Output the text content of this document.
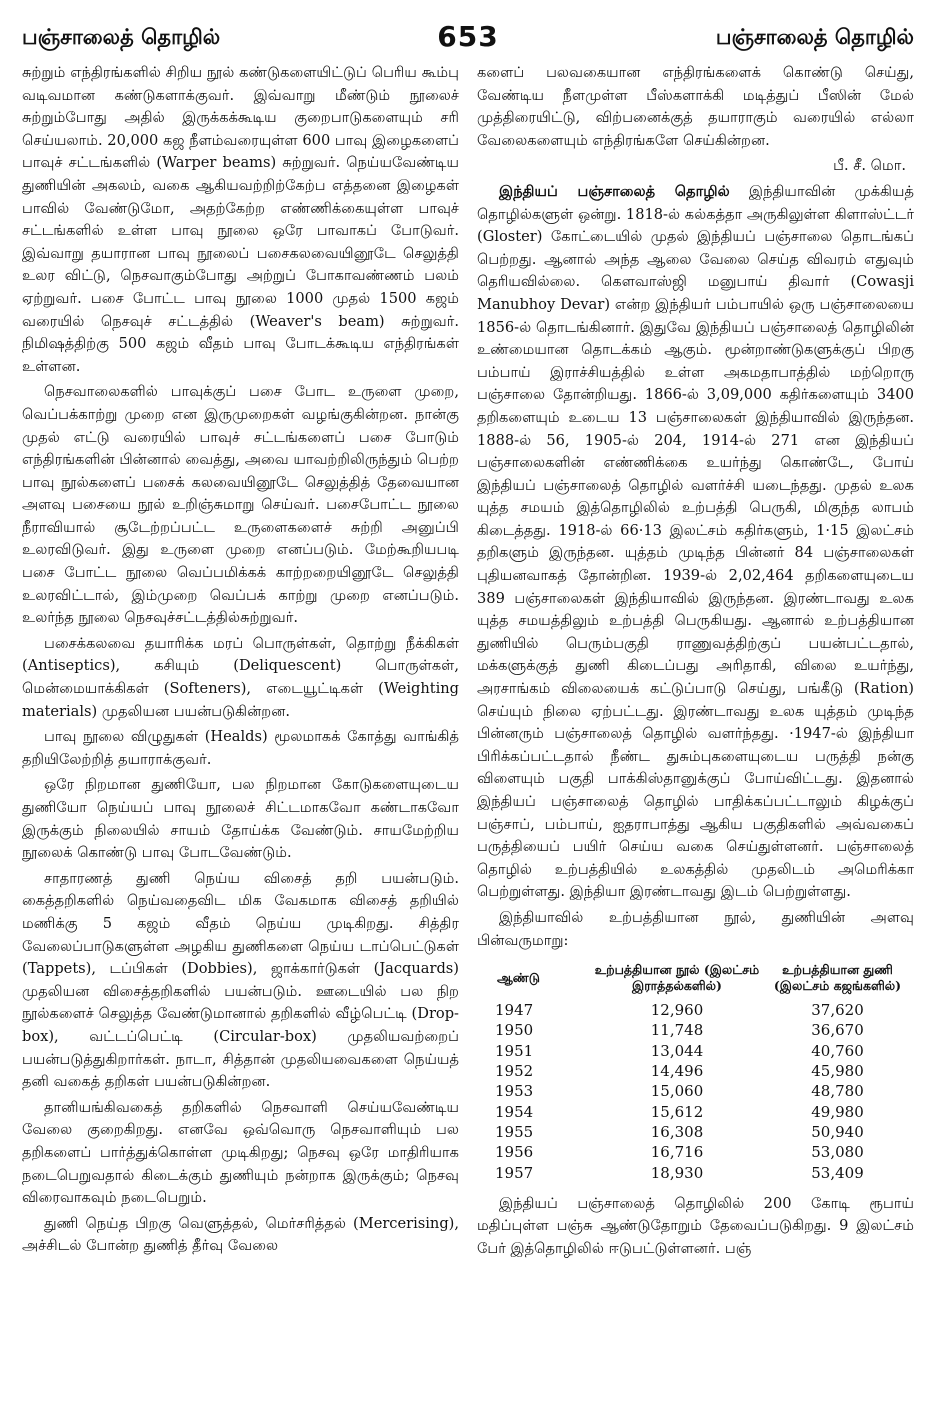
பஞ்சாலைத் தொழில்	653	பஞ்சாலைத் தொழில்

சுற்றும் எந்திரங்களில் சிறிய நூல் கண்டுகளையிட்டுப் பெரிய கூம்பு வடிவமான கண்டுகளாக்குவர். இவ்வாறு மீண்டும் நூலைச் சுற்றும்போது அதில் இருக்கக்கூடிய குறைபாடுகளையும் சரி செய்யலாம். 20,000 கஜ நீளம்வரையுள்ள 600 பாவு இழைகளைப் பாவுச் சட்டங்களில் (Warper beams) சுற்றுவர். நெய்யவேண்டிய துணியின் அகலம், வகை ஆகியவற்றிற்கேற்ப எத்தனை இழைகள் பாவில் வேண்டுமோ, அதற்கேற்ற எண்ணிக்கையுள்ள பாவுச் சட்டங்களில் உள்ள பாவு நூலை ஒரே பாவாகப் போடுவர். இவ்வாறு தயாரான பாவு நூலைப் பசைகலவையினூடே செலுத்தி உலர விட்டு, நெசவாகும்போது அற்றுப் போகாவண்ணம் பலம் ஏற்றுவர். பசை போட்ட பாவு நூலை 1000 முதல் 1500 கஜம் வரையில் நெசவுச் சட்டத்தில் (Weaver's beam) சுற்றுவர். நிமிஷத்திற்கு 500 கஜம் வீதம் பாவு போடக்கூடிய எந்திரங்கள் உள்ளன.

நெசவாலைகளில் பாவுக்குப் பசை போட உருளை முறை, வெப்பக்காற்று முறை என இருமுறைகள் வழங்குகின்றன. நான்கு முதல் எட்டு வரையில் பாவுச் சட்டங்களைப் பசை போடும் எந்திரங்களின் பின்னால் வைத்து, அவை யாவற்றிலிருந்தும் பெற்ற பாவு நூல்களைப் பசைக் கலவையினூடே செலுத்தித் தேவையான அளவு பசையை நூல் உறிஞ்சுமாறு செய்வர். பசைபோட்ட நூலை நீராவியால் சூடேற்றப்பட்ட உருளைகளைச் சுற்றி அனுப்பி உலரவிடுவர். இது உருளை முறை எனப்படும். மேற்கூறியபடி பசை போட்ட நூலை வெப்பமிக்கக் காற்றறையினூடே செலுத்தி உலரவிட்டால், இம்முறை வெப்பக் காற்று முறை எனப்படும். உலர்ந்த நூலை நெசவுச்சட்டத்தில்சுற்றுவர்.

பசைக்கலவை தயாரிக்க மரப் பொருள்கள், தொற்று நீக்கிகள் (Antiseptics), கசியும் (Deliquescent) பொருள்கள், மென்மையாக்கிகள் (Softeners), எடையூட்டிகள் (Weighting materials) முதலியன பயன்படுகின்றன.

பாவு நூலை விழுதுகள் (Healds) மூலமாகக் கோத்து வாங்கித் தறியிலேற்றித் தயாராக்குவர்.

ஒரே நிறமான துணியோ, பல நிறமான கோடுகளையுடைய துணியோ நெய்யப் பாவு நூலைச் சிட்டமாகவோ கண்டாகவோ இருக்கும் நிலையில் சாயம் தோய்க்க வேண்டும். சாயமேற்றிய நூலைக் கொண்டு பாவு போடவேண்டும்.

சாதாரணத் துணி நெய்ய விசைத் தறி பயன்படும். கைத்தறிகளில் நெய்வதைவிட மிக வேகமாக விசைத் தறியில் மணிக்கு 5 கஜம் வீதம் நெய்ய முடிகிறது. சித்திர வேலைப்பாடுகளுள்ள அழகிய துணிகளை நெய்ய டாப்பெட்டுகள் (Tappets), டப்பிகள் (Dobbies), ஜாக்கார்டுகள் (Jacquards) முதலியன விசைத்தறிகளில் பயன்படும். ஊடையில் பல நிற நூல்களைச் செலுத்த வேண்டுமானால் தறிகளில் வீழ்பெட்டி (Drop-box), வட்டப்பெட்டி (Circular-box) முதலியவற்றைப் பயன்படுத்துகிறார்கள். நாடா, சித்தான் முதலியவைகளை நெய்யத் தனி வகைத் தறிகள் பயன்படுகின்றன.

தானியங்கிவகைத் தறிகளில் நெசவாளி செய்யவேண்டிய வேலை குறைகிறது. எனவே ஒவ்வொரு நெசவாளியும் பல தறிகளைப் பார்த்துக்கொள்ள முடிகிறது; நெசவு ஒரே மாதிரியாக நடைபெறுவதால் கிடைக்கும் துணியும் நன்றாக இருக்கும்; நெசவு விரைவாகவும் நடைபெறும்.

துணி நெய்த பிறகு வெளுத்தல், மெர்சரித்தல் (Mercerising), அச்சிடல் போன்ற துணித் தீர்வு வேலை

களைப் பலவகையான எந்திரங்களைக் கொண்டு செய்து, வேண்டிய நீளமுள்ள பீஸ்களாக்கி மடித்துப் பீஸின் மேல் முத்திரையிட்டு, விற்பனைக்குத் தயாராகும் வரையில் எல்லா வேலைகளையும் எந்திரங்களே செய்கின்றன.

பீ. சீ. மொ.

இந்தியப் பஞ்சாலைத் தொழில் இந்தியாவின் முக்கியத் தொழில்களுள் ஒன்று. 1818-ல் கல்கத்தா அருகிலுள்ள கிளாஸ்ட்டர் (Gloster) கோட்டையில் முதல் இந்தியப் பஞ்சாலை தொடங்கப் பெற்றது. ஆனால் அந்த ஆலை வேலை செய்த விவரம் எதுவும் தெரியவில்லை. கௌவாஸ்ஜி மனுபாய் திவார் (Cowasji Manubhoy Devar) என்ற இந்தியர் பம்பாயில் ஒரு பஞ்சாலையை 1856-ல் தொடங்கினார். இதுவே இந்தியப் பஞ்சாலைத் தொழிலின் உண்மையான தொடக்கம் ஆகும். மூன்றாண்டுகளுக்குப் பிறகு பம்பாய் இராச்சியத்தில் உள்ள அகமதாபாத்தில் மற்றொரு பஞ்சாலை தோன்றியது. 1866-ல் 3,09,000 கதிர்களையும் 3400 தறிகளையும் உடைய 13 பஞ்சாலைகள் இந்தியாவில் இருந்தன. 1888-ல் 56, 1905-ல் 204, 1914-ல் 271 என இந்தியப் பஞ்சாலைகளின் எண்ணிக்கை உயர்ந்து கொண்டே, போய் இந்தியப் பஞ்சாலைத் தொழில் வளர்ச்சி யடைந்தது. முதல் உலக யுத்த சமயம் இத்தொழிலில் உற்பத்தி பெருகி, மிகுந்த லாபம் கிடைத்தது. 1918-ல் 66·13 இலட்சம் கதிர்களும், 1·15 இலட்சம் தறிகளும் இருந்தன. யுத்தம் முடிந்த பின்னர் 84 பஞ்சாலைகள் புதியனவாகத் தோன்றின. 1939-ல் 2,02,464 தறிகளையுடைய 389 பஞ்சாலைகள் இந்தியாவில் இருந்தன. இரண்டாவது உலக யுத்த சமயத்திலும் உற்பத்தி பெருகியது. ஆனால் உற்பத்தியான துணியில் பெரும்பகுதி ராணுவத்திற்குப் பயன்பட்டதால், மக்களுக்குத் துணி கிடைப்பது அரிதாகி, விலை உயர்ந்து, அரசாங்கம் விலையைக் கட்டுப்பாடு செய்து, பங்கீடு (Ration) செய்யும் நிலை ஏற்பட்டது. இரண்டாவது உலக யுத்தம் முடிந்த பின்னரும் பஞ்சாலைத் தொழில் வளர்ந்தது. ·1947-ல் இந்தியா பிரிக்கப்பட்டதால் நீண்ட துசும்புகளையுடைய பருத்தி நன்கு விளையும் பகுதி பாக்கிஸ்தானுக்குப் போய்விட்டது. இதனால் இந்தியப் பஞ்சாலைத் தொழில் பாதிக்கப்பட்டாலும் கிழக்குப் பஞ்சாப், பம்பாய், ஐதராபாத்து ஆகிய பகுதிகளில் அவ்வகைப் பருத்தியைப் பயிர் செய்ய வகை செய்துள்ளனர். பஞ்சாலைத் தொழில் உற்பத்தியில் உலகத்தில் முதலிடம் அமெரிக்கா பெற்றுள்ளது. இந்தியா இரண்டாவது இடம் பெற்றுள்ளது.

இந்தியாவில் உற்பத்தியான நூல், துணியின் அளவு பின்வருமாறு:

ஆண்டு	உற்பத்தியான நூல் (இலட்சம் இராத்தல்களில்)	உற்பத்தியான துணி (இலட்சம் கஜங்களில்)
1947	12,960	37,620
1950	11,748	36,670
1951	13,044	40,760
1952	14,496	45,980
1953	15,060	48,780
1954	15,612	49,980
1955	16,308	50,940
1956	16,716	53,080
1957	18,930	53,409

இந்தியப் பஞ்சாலைத் தொழிலில் 200 கோடி ரூபாய் மதிப்புள்ள பஞ்சு ஆண்டுதோறும் தேவைப்படுகிறது. 9 இலட்சம் பேர் இத்தொழிலில் ஈடுபட்டுள்ளனர். பஞ்
